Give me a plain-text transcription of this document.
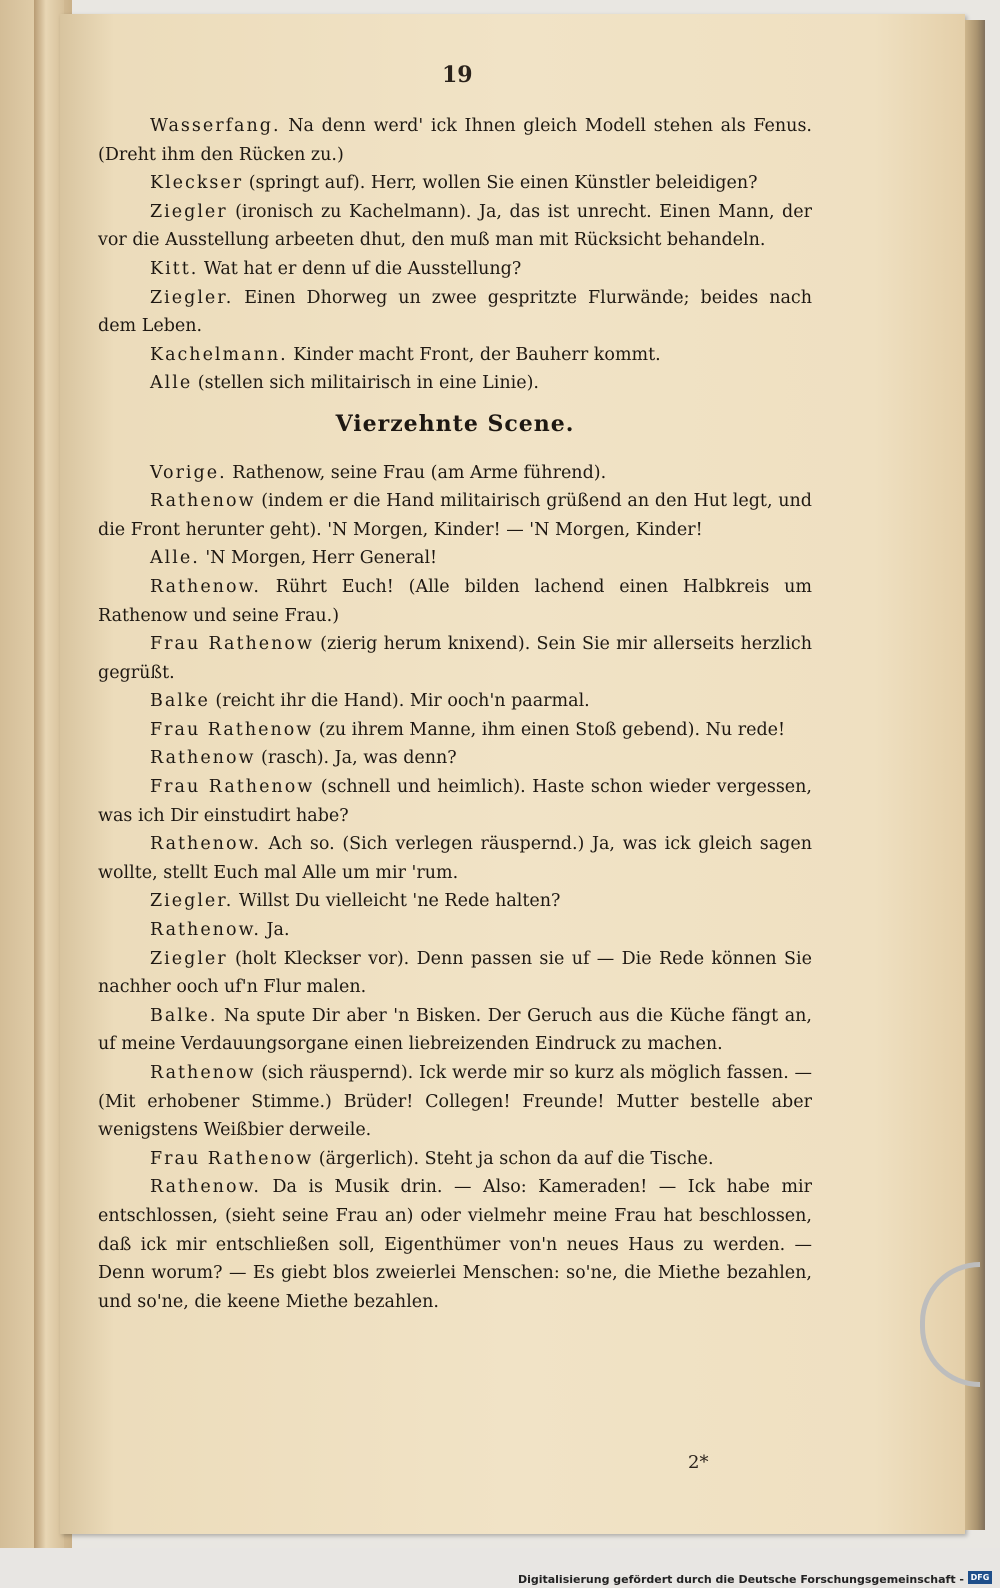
19

Wasserfang. Na denn werd' ick Ihnen gleich Modell stehen als Fenus. (Dreht ihm den Rücken zu.)

Kleckser (springt auf). Herr, wollen Sie einen Künstler beleidigen?

Ziegler (ironisch zu Kachelmann). Ja, das ist unrecht. Einen Mann, der vor die Ausstellung arbeeten dhut, den muß man mit Rücksicht behandeln.

Kitt. Wat hat er denn uf die Ausstellung?

Ziegler. Einen Dhorweg un zwee gespritzte Flurwände; beides nach dem Leben.

Kachelmann. Kinder macht Front, der Bauherr kommt.

Alle (stellen sich militairisch in eine Linie).

Vierzehnte Scene.

Vorige. Rathenow, seine Frau (am Arme führend).

Rathenow (indem er die Hand militairisch grüßend an den Hut legt, und die Front herunter geht). 'N Morgen, Kinder! — 'N Morgen, Kinder!

Alle. 'N Morgen, Herr General!

Rathenow. Rührt Euch! (Alle bilden lachend einen Halbkreis um Rathenow und seine Frau.)

Frau Rathenow (zierig herum knixend). Sein Sie mir allerseits herzlich gegrüßt.

Balke (reicht ihr die Hand). Mir ooch'n paarmal.

Frau Rathenow (zu ihrem Manne, ihm einen Stoß gebend). Nu rede!

Rathenow (rasch). Ja, was denn?

Frau Rathenow (schnell und heimlich). Haste schon wieder vergessen, was ich Dir einstudirt habe?

Rathenow. Ach so. (Sich verlegen räuspernd.) Ja, was ick gleich sagen wollte, stellt Euch mal Alle um mir 'rum.

Ziegler. Willst Du vielleicht 'ne Rede halten?

Rathenow. Ja.

Ziegler (holt Kleckser vor). Denn passen sie uf — Die Rede können Sie nachher ooch uf'n Flur malen.

Balke. Na spute Dir aber 'n Bisken. Der Geruch aus die Küche fängt an, uf meine Verdauungsorgane einen liebreizenden Eindruck zu machen.

Rathenow (sich räuspernd). Ick werde mir so kurz als möglich fassen. — (Mit erhobener Stimme.) Brüder! Collegen! Freunde! Mutter bestelle aber wenigstens Weißbier derweile.

Frau Rathenow (ärgerlich). Steht ja schon da auf die Tische.

Rathenow. Da is Musik drin. — Also: Kameraden! — Ick habe mir entschlossen, (sieht seine Frau an) oder vielmehr meine Frau hat beschlossen, daß ick mir entschließen soll, Eigenthümer von'n neues Haus zu werden. — Denn worum? — Es giebt blos zweierlei Menschen: so'ne, die Miethe bezahlen, und so'ne, die keene Miethe bezahlen.

2*
Digitalisierung gefördert durch die Deutsche Forschungsgemeinschaft - DFG
